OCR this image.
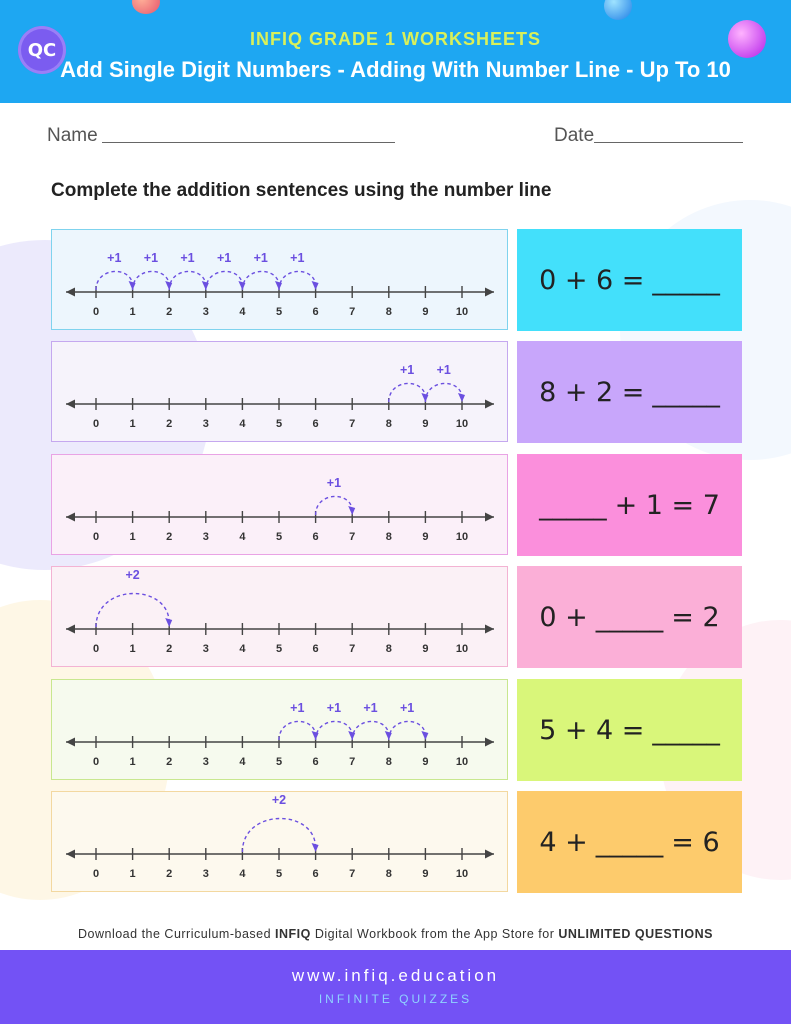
QC
INFIQ GRADE 1 WORKSHEETS
Add Single Digit Numbers - Adding With Number Line - Up To 10
Name	Date
Complete the addition sentences using the number line
0	1	2	3	4	5	6	7	8	9 10
+1 +1 +1 +1 +1 +1
0 + 6 = _____
0	1	2	3	4	5	6	7	8	9 10
+1 +1
8 + 2 = _____
0	1	2	3	4	5	6	7	8	9 10
+1
_____ + 1 = 7
0	1	2	3	4	5	6	7	8	9 10
+2
0 + _____ = 2
0	1	2	3	4	5	6	7	8	9 10
+1 +1 +1 +1
5 + 4 = _____
0	1	2	3	4	5	6	7	8	9 10
+2
4 + _____ = 6
Download the Curriculum-based INFIQ Digital Workbook from the App Store for UNLIMITED QUESTIONS
www.infiq.education
INFINITE QUIZZES
